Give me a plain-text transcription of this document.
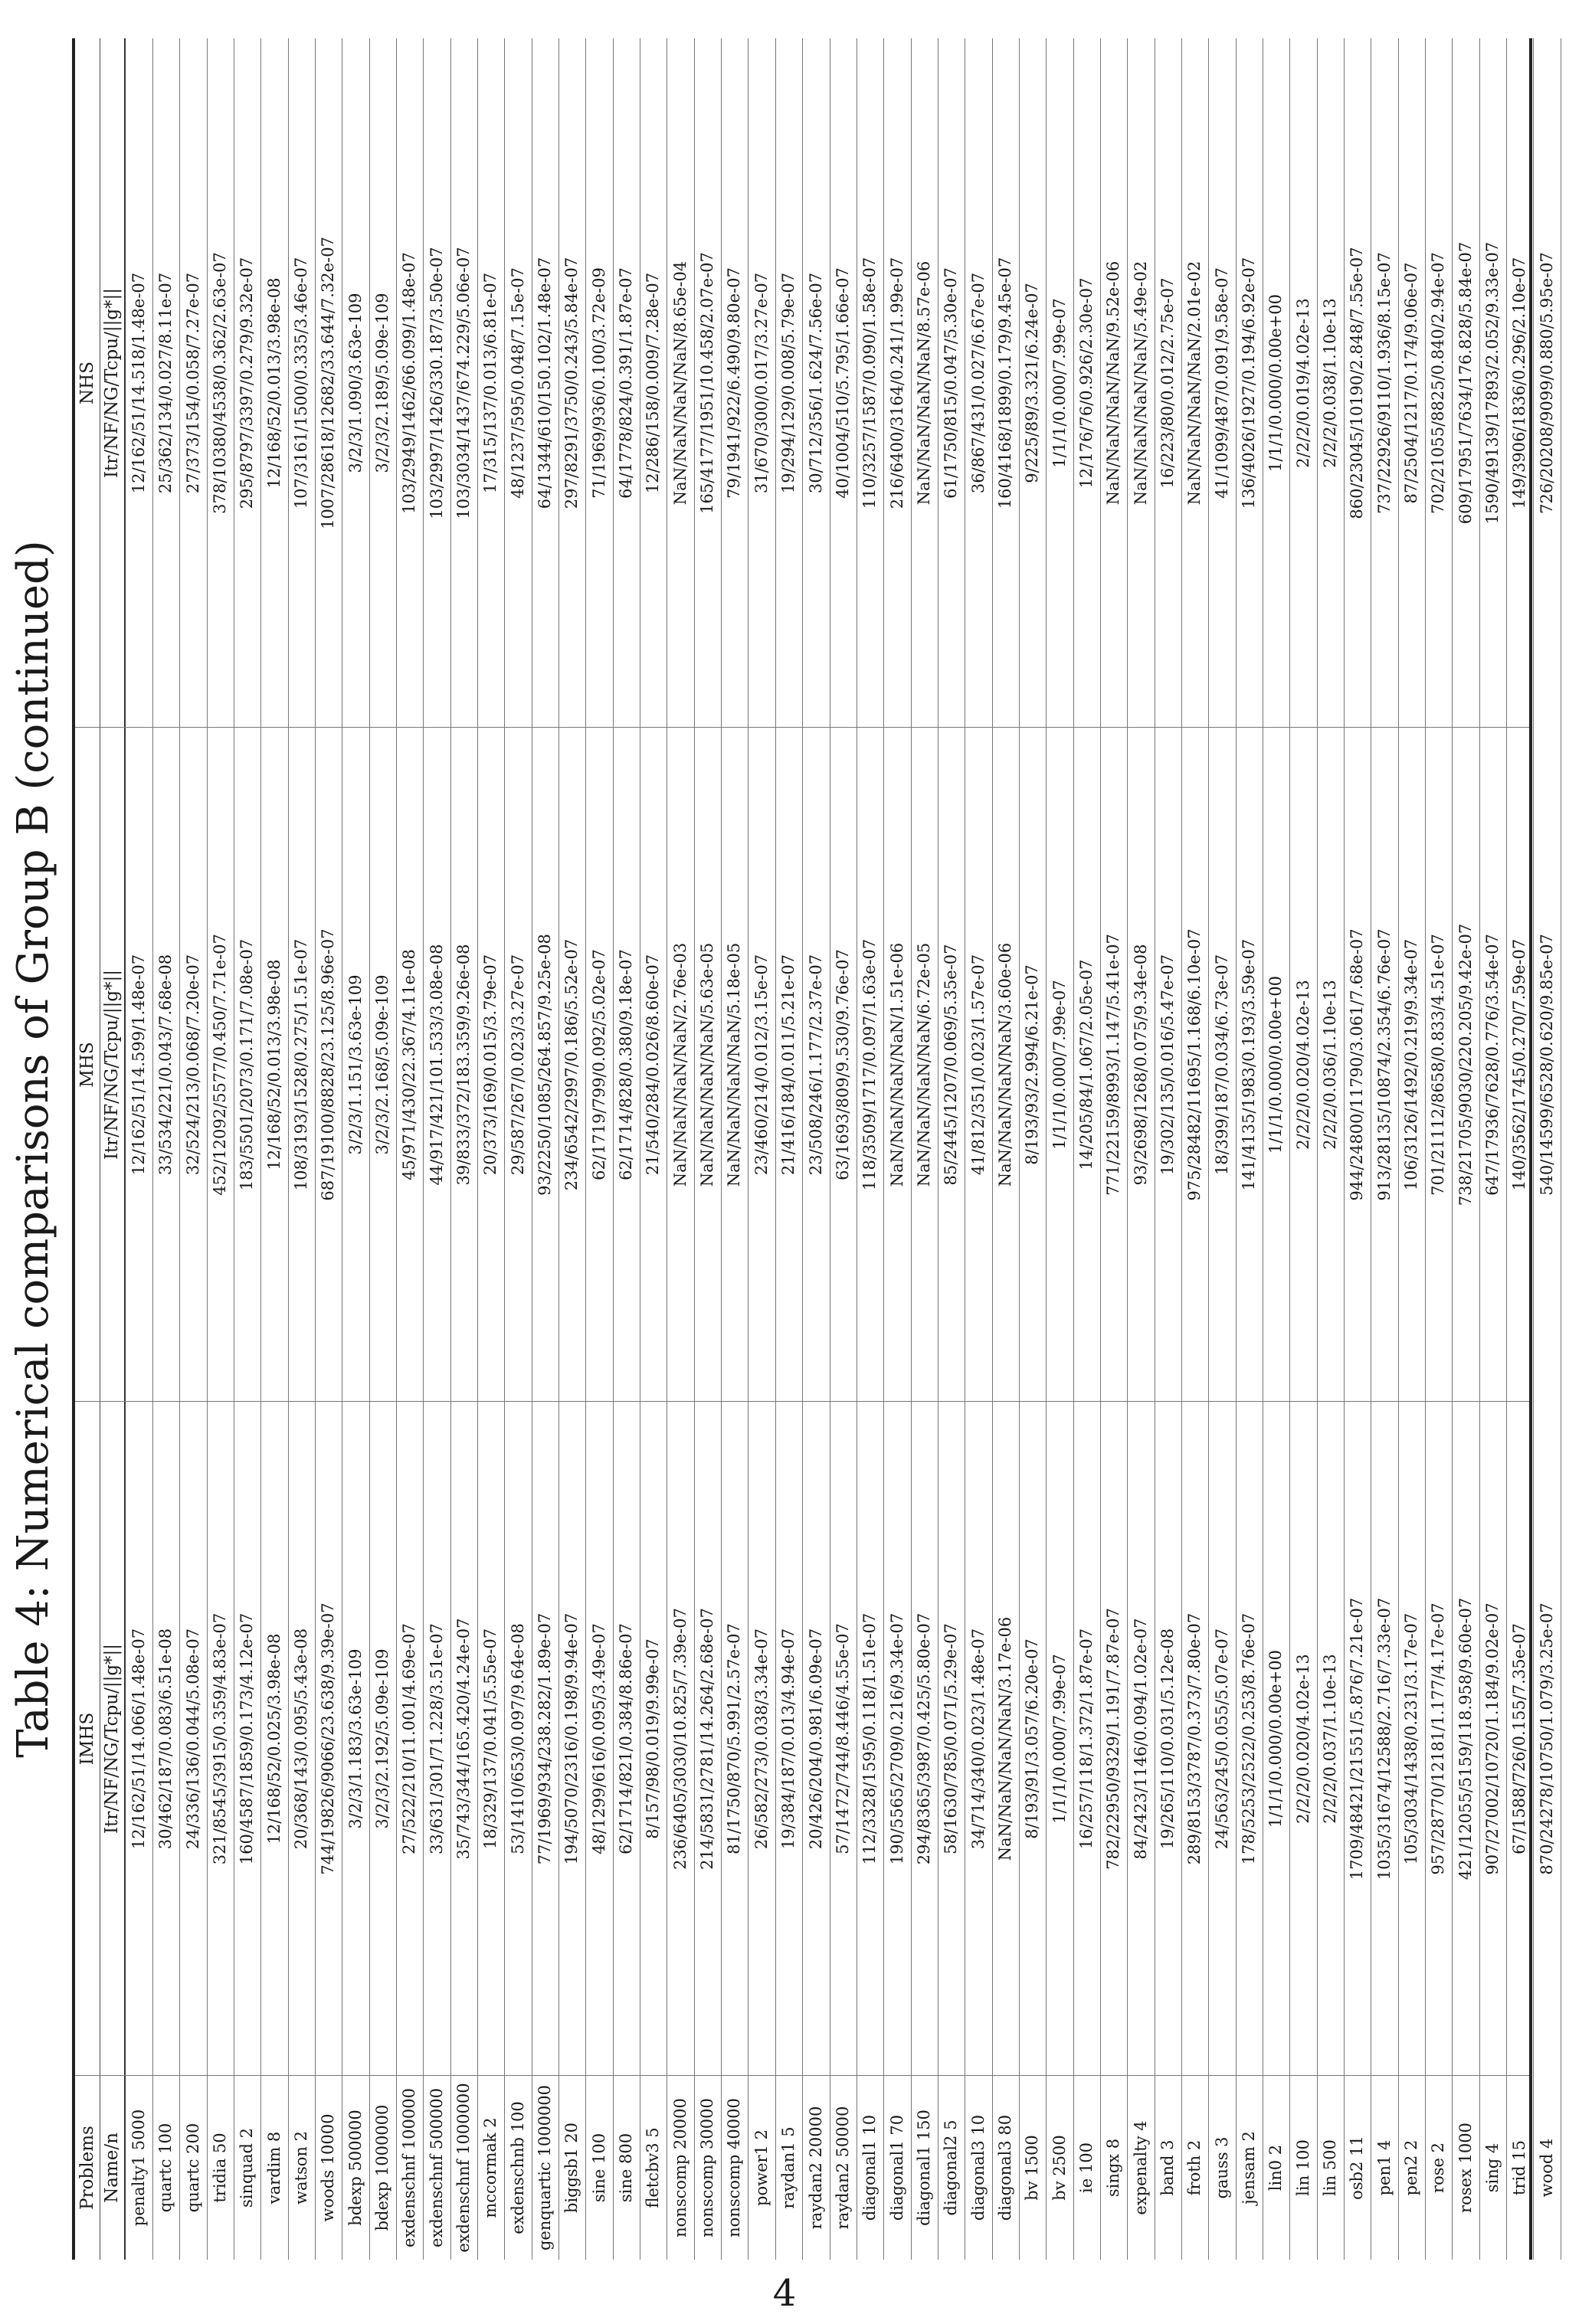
Table 4: Numerical comparisons of Group B (continued)
Problems
IMHS
MHS
NHS
Name/n
Itr/NF/NG/Tcpu/||g*||
Itr/NF/NG/Tcpu/||g*||
Itr/NF/NG/Tcpu/||g*||
penalty1 5000
12/162/51/14.066/1.48e-07
12/162/51/14.599/1.48e-07
12/162/51/14.518/1.48e-07
quartc 100
30/462/187/0.083/6.51e-08
33/534/221/0.043/7.68e-08
25/362/134/0.027/8.11e-07
quartc 200
24/336/136/0.044/5.08e-07
32/524/213/0.068/7.20e-07
27/373/154/0.058/7.27e-07
tridia 50
321/8545/3915/0.359/4.83e-07
452/12092/5577/0.450/7.71e-07
378/10380/4538/0.362/2.63e-07
sinquad 2
160/4587/1859/0.173/4.12e-07
183/5501/2073/0.171/7.08e-07
295/8797/3397/0.279/9.32e-07
vardim 8
12/168/52/0.025/3.98e-08
12/168/52/0.013/3.98e-08
12/168/52/0.013/3.98e-08
watson 2
20/368/143/0.095/5.43e-08
108/3193/1528/0.275/1.51e-07
107/3161/1500/0.335/3.46e-07
woods 10000
744/19826/9066/23.638/9.39e-07
687/19100/8828/23.125/8.96e-07
1007/28618/12682/33.644/7.32e-07
bdexp 500000
3/2/3/1.183/3.63e-109
3/2/3/1.151/3.63e-109
3/2/3/1.090/3.63e-109
bdexp 1000000
3/2/3/2.192/5.09e-109
3/2/3/2.168/5.09e-109
3/2/3/2.189/5.09e-109
exdenschnf 100000
27/522/210/11.001/4.69e-07
45/971/430/22.367/4.11e-08
103/2949/1462/66.099/1.48e-07
exdenschnf 500000
33/631/301/71.228/3.51e-07
44/917/421/101.533/3.08e-08
103/2997/1426/330.187/3.50e-07
exdenschnf 1000000
35/743/344/165.420/4.24e-07
39/833/372/183.359/9.26e-08
103/3034/1437/674.229/5.06e-07
mccormak 2
18/329/137/0.041/5.55e-07
20/373/169/0.015/3.79e-07
17/315/137/0.013/6.81e-07
exdenschnb 100
53/1410/653/0.097/9.64e-08
29/587/267/0.023/3.27e-07
48/1237/595/0.048/7.15e-07
genquartic 1000000
77/1969/934/238.282/1.89e-07
93/2250/1085/264.857/9.25e-08
64/1344/610/150.102/1.48e-07
biggsb1 20
194/5070/2316/0.198/9.94e-07
234/6542/2997/0.186/5.52e-07
297/8291/3750/0.243/5.84e-07
sine 100
48/1299/616/0.095/3.49e-07
62/1719/799/0.092/5.02e-07
71/1969/936/0.100/3.72e-09
sine 800
62/1714/821/0.384/8.86e-07
62/1714/828/0.380/9.18e-07
64/1778/824/0.391/1.87e-07
fletcbv3 5
8/157/98/0.019/9.99e-07
21/540/284/0.026/8.60e-07
12/286/158/0.009/7.28e-07
nonscomp 20000
236/6405/3030/10.825/7.39e-07
NaN/NaN/NaN/NaN/2.76e-03
NaN/NaN/NaN/NaN/8.65e-04
nonscomp 30000
214/5831/2781/14.264/2.68e-07
NaN/NaN/NaN/NaN/5.63e-05
165/4177/1951/10.458/2.07e-07
nonscomp 40000
81/1750/870/5.991/2.57e-07
NaN/NaN/NaN/NaN/5.18e-05
79/1941/922/6.490/9.80e-07
power1 2
26/582/273/0.038/3.34e-07
23/460/214/0.012/3.15e-07
31/670/300/0.017/3.27e-07
raydan1 5
19/384/187/0.013/4.94e-07
21/416/184/0.011/5.21e-07
19/294/129/0.008/5.79e-07
raydan2 20000
20/426/204/0.981/6.09e-07
23/508/246/1.177/2.37e-07
30/712/356/1.624/7.56e-07
raydan2 50000
57/1472/744/8.446/4.55e-07
63/1693/809/9.530/9.76e-07
40/1004/510/5.795/1.66e-07
diagonal1 10
112/3328/1595/0.118/1.51e-07
118/3509/1717/0.097/1.63e-07
110/3257/1587/0.090/1.58e-07
diagonal1 70
190/5565/2709/0.216/9.34e-07
NaN/NaN/NaN/NaN/1.51e-06
216/6400/3164/0.241/1.99e-07
diagonal1 150
294/8365/3987/0.425/5.80e-07
NaN/NaN/NaN/NaN/6.72e-05
NaN/NaN/NaN/NaN/8.57e-06
diagonal2 5
58/1630/785/0.071/5.29e-07
85/2445/1207/0.069/5.35e-07
61/1750/815/0.047/5.30e-07
diagonal3 10
34/714/340/0.023/1.48e-07
41/812/351/0.023/1.57e-07
36/867/431/0.027/6.67e-07
diagonal3 80
NaN/NaN/NaN/NaN/3.17e-06
NaN/NaN/NaN/NaN/3.60e-06
160/4168/1899/0.179/9.45e-07
bv 1500
8/193/91/3.057/6.20e-07
8/193/93/2.994/6.21e-07
9/225/89/3.321/6.24e-07
bv 2500
1/1/1/0.000/7.99e-07
1/1/1/0.000/7.99e-07
1/1/1/0.000/7.99e-07
ie 100
16/257/118/1.372/1.87e-07
14/205/84/1.067/2.05e-07
12/176/76/0.926/2.30e-07
singx 8
782/22950/9329/1.191/7.87e-07
771/22159/8993/1.147/5.41e-07
NaN/NaN/NaN/NaN/9.52e-06
expenalty 4
84/2423/1146/0.094/1.02e-07
93/2698/1268/0.075/9.34e-08
NaN/NaN/NaN/NaN/5.49e-02
band 3
19/265/110/0.031/5.12e-08
19/302/135/0.016/5.47e-07
16/223/80/0.012/2.75e-07
froth 2
289/8153/3787/0.373/7.80e-07
975/28482/11695/1.168/6.10e-07
NaN/NaN/NaN/NaN/2.01e-02
gauss 3
24/563/245/0.055/5.07e-07
18/399/187/0.034/6.73e-07
41/1099/487/0.091/9.58e-07
jensam 2
178/5253/2522/0.253/8.76e-07
141/4135/1983/0.193/3.59e-07
136/4026/1927/0.194/6.92e-07
lin0 2
1/1/1/0.000/0.00e+00
1/1/1/0.000/0.00e+00
1/1/1/0.000/0.00e+00
lin 100
2/2/2/0.020/4.02e-13
2/2/2/0.020/4.02e-13
2/2/2/0.019/4.02e-13
lin 500
2/2/2/0.037/1.10e-13
2/2/2/0.036/1.10e-13
2/2/2/0.038/1.10e-13
osb2 11
1709/48421/21551/5.876/7.21e-07
944/24800/11790/3.061/7.68e-07
860/23045/10190/2.848/7.55e-07
pen1 4
1035/31674/12588/2.716/7.33e-07
913/28135/10874/2.354/6.76e-07
737/22926/9110/1.936/8.15e-07
pen2 2
105/3034/1438/0.231/3.17e-07
106/3126/1492/0.219/9.34e-07
87/2504/1217/0.174/9.06e-07
rose 2
957/28770/12181/1.177/4.17e-07
701/21112/8658/0.833/4.51e-07
702/21055/8825/0.840/2.94e-07
rosex 1000
421/12055/5159/118.958/9.60e-07
738/21705/9030/220.205/9.42e-07
609/17951/7634/176.828/5.84e-07
sing 4
907/27002/10720/1.184/9.02e-07
647/17936/7628/0.776/3.54e-07
1590/49139/17893/2.052/9.33e-07
trid 15
67/1588/726/0.155/7.35e-07
140/3562/1745/0.270/7.59e-07
149/3906/1836/0.296/2.10e-07
wood 4
870/24278/10750/1.079/3.25e-07
540/14599/6528/0.620/9.85e-07
726/20208/9099/0.880/5.95e-07
4
